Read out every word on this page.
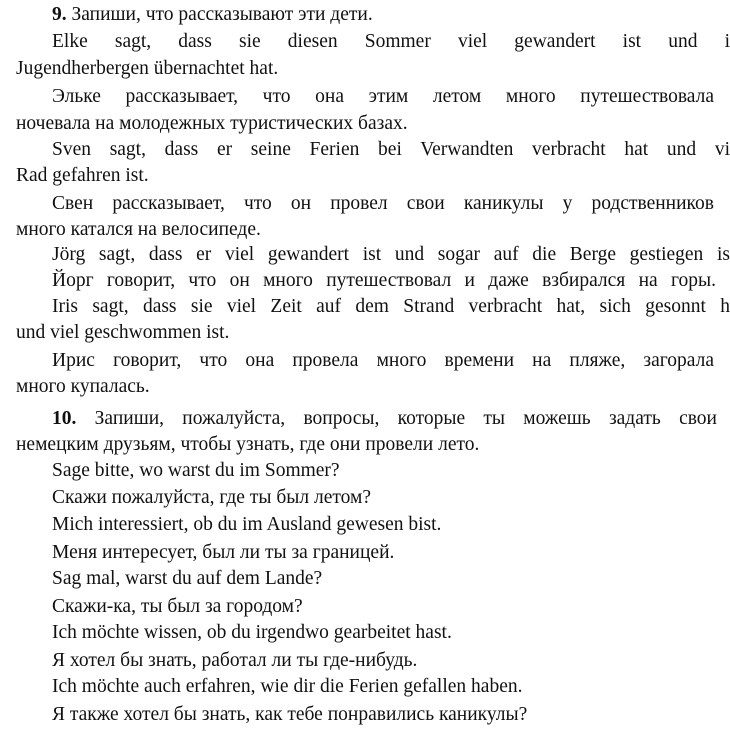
9. Запиши, что рассказывают эти дети.
Elke sagt, dass sie diesen Sommer viel gewandert ist und i
Jugendherbergen übernachtet hat.
Эльке рассказывает, что она этим летом много путешествовала
ночевала на молодежных туристических базах.
Sven sagt, dass er seine Ferien bei Verwandten verbracht hat und vi
Rad gefahren ist.
Свен рассказывает, что он провел свои каникулы у родственников
много катался на велосипеде.
Jörg sagt, dass er viel gewandert ist und sogar auf die Berge gestiegen is
Йорг говорит, что он много путешествовал и даже взбирался на горы.
Iris sagt, dass sie viel Zeit auf dem Strand verbracht hat, sich gesonnt h
und viel geschwommen ist.
Ирис говорит, что она провела много времени на пляже, загорала
много купалась.
10. Запиши, пожалуйста, вопросы, которые ты можешь задать свои
немецким друзьям, чтобы узнать, где они провели лето.
Sage bitte, wo warst du im Sommer?
Скажи пожалуйста, где ты был летом?
Mich interessiert, ob du im Ausland gewesen bist.
Меня интересует, был ли ты за границей.
Sag mal, warst du auf dem Lande?
Скажи-ка, ты был за городом?
Ich möchte wissen, ob du irgendwo gearbeitet hast.
Я хотел бы знать, работал ли ты где-нибудь.
Ich möchte auch erfahren, wie dir die Ferien gefallen haben.
Я также хотел бы знать, как тебе понравились каникулы?
